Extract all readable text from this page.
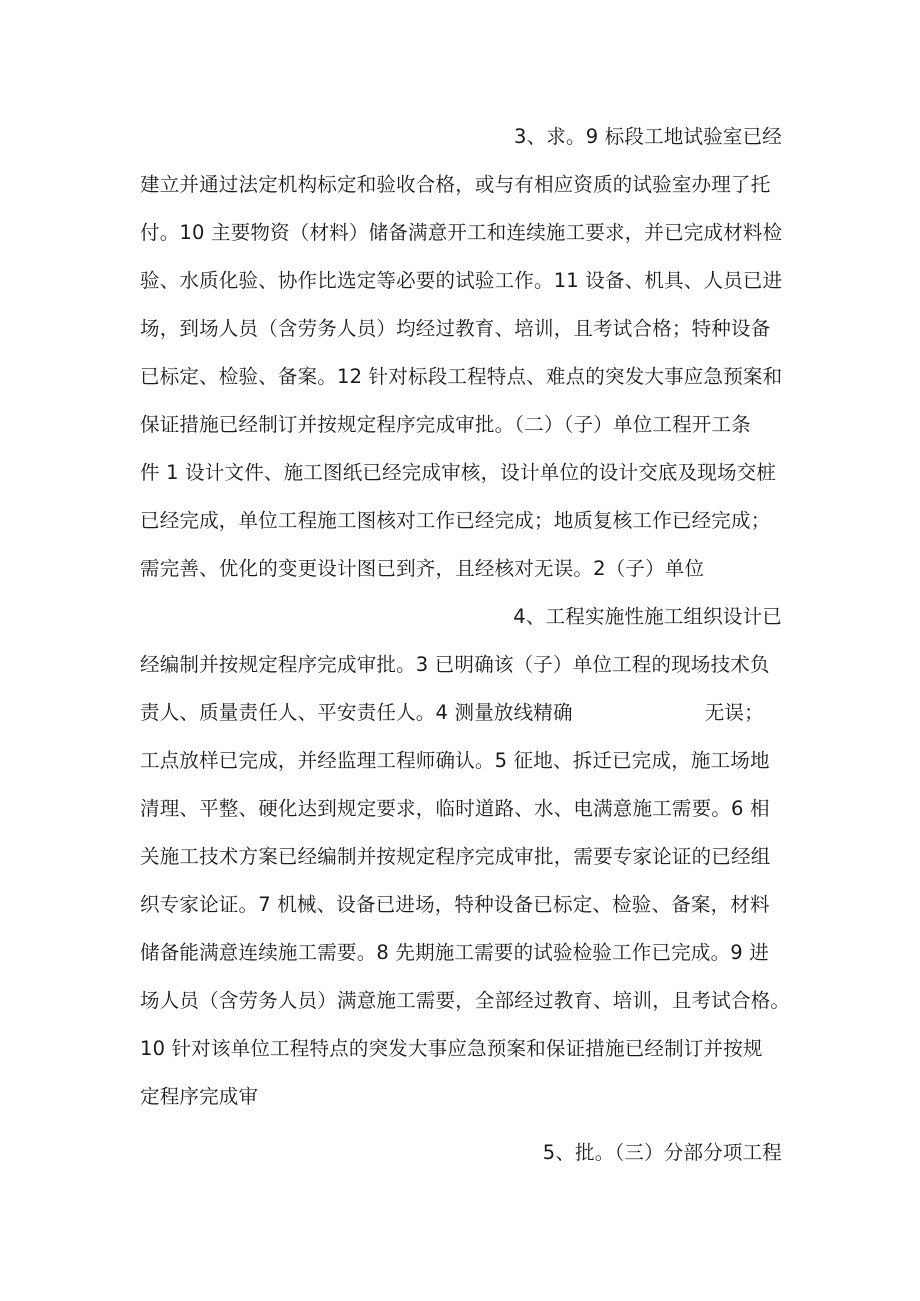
3、求。9 标段工地试验室已经
建立并通过法定机构标定和验收合格，或与有相应资质的试验室办理了托
付。10 主要物资（材料）储备满意开工和连续施工要求，并已完成材料检
验、水质化验、协作比选定等必要的试验工作。11 设备、机具、人员已进
场，到场人员（含劳务人员）均经过教育、培训，且考试合格；特种设备
已标定、检验、备案。12 针对标段工程特点、难点的突发大事应急预案和
保证措施已经制订并按规定程序完成审批。（二）（子）单位工程开工条
件 1 设计文件、施工图纸已经完成审核，设计单位的设计交底及现场交桩
已经完成，单位工程施工图核对工作已经完成；地质复核工作已经完成；
需完善、优化的变更设计图已到齐，且经核对无误。2（子）单位
4、工程实施性施工组织设计已
经编制并按规定程序完成审批。3 已明确该（子）单位工程的现场技术负
责人、质量责任人、平安责任人。4 测量放线精确	无误；
工点放样已完成，并经监理工程师确认。5 征地、拆迁已完成，施工场地
清理、平整、硬化达到规定要求，临时道路、水、电满意施工需要。6 相
关施工技术方案已经编制并按规定程序完成审批，需要专家论证的已经组
织专家论证。7 机械、设备已进场，特种设备已标定、检验、备案，材料
储备能满意连续施工需要。8 先期施工需要的试验检验工作已完成。9 进
场人员（含劳务人员）满意施工需要，全部经过教育、培训，且考试合格。
10 针对该单位工程特点的突发大事应急预案和保证措施已经制订并按规
定程序完成审
5、批。（三）分部分项工程
